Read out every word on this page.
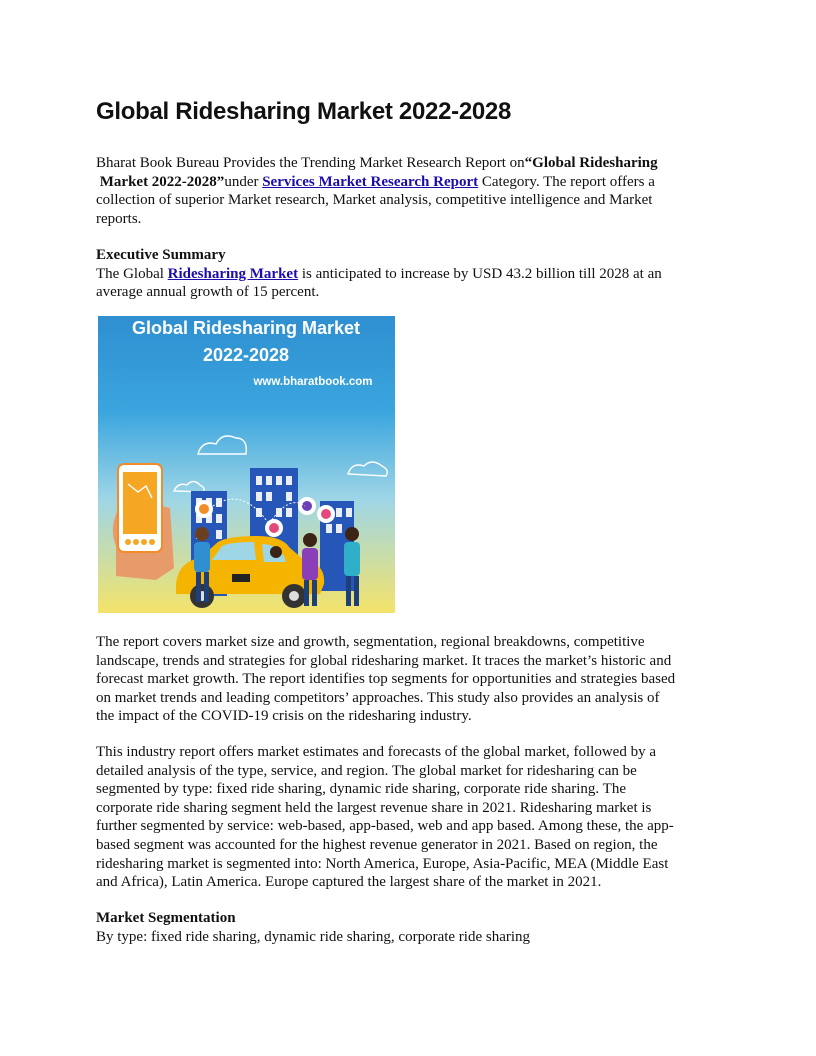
Global Ridesharing Market 2022-2028
Bharat Book Bureau Provides the Trending Market Research Report on“Global Ridesharing
Market 2022-2028”under Services Market Research Report Category. The report offers a
collection of superior Market research, Market analysis, competitive intelligence and Market
reports.
Executive Summary
The Global Ridesharing Market is anticipated to increase by USD 43.2 billion till 2028 at an
average annual growth of 15 percent.
Global Ridesharing Market
2022-2028
www.bharatbook.com
The report covers market size and growth, segmentation, regional breakdowns, competitive
landscape, trends and strategies for global ridesharing market. It traces the market’s historic and
forecast market growth. The report identifies top segments for opportunities and strategies based
on market trends and leading competitors’ approaches. This study also provides an analysis of
the impact of the COVID-19 crisis on the ridesharing industry.
This industry report offers market estimates and forecasts of the global market, followed by a
detailed analysis of the type, service, and region. The global market for ridesharing can be
segmented by type: fixed ride sharing, dynamic ride sharing, corporate ride sharing. The
corporate ride sharing segment held the largest revenue share in 2021. Ridesharing market is
further segmented by service: web-based, app-based, web and app based. Among these, the app-
based segment was accounted for the highest revenue generator in 2021. Based on region, the
ridesharing market is segmented into: North America, Europe, Asia-Pacific, MEA (Middle East
and Africa), Latin America. Europe captured the largest share of the market in 2021.
Market Segmentation
By type: fixed ride sharing, dynamic ride sharing, corporate ride sharing
